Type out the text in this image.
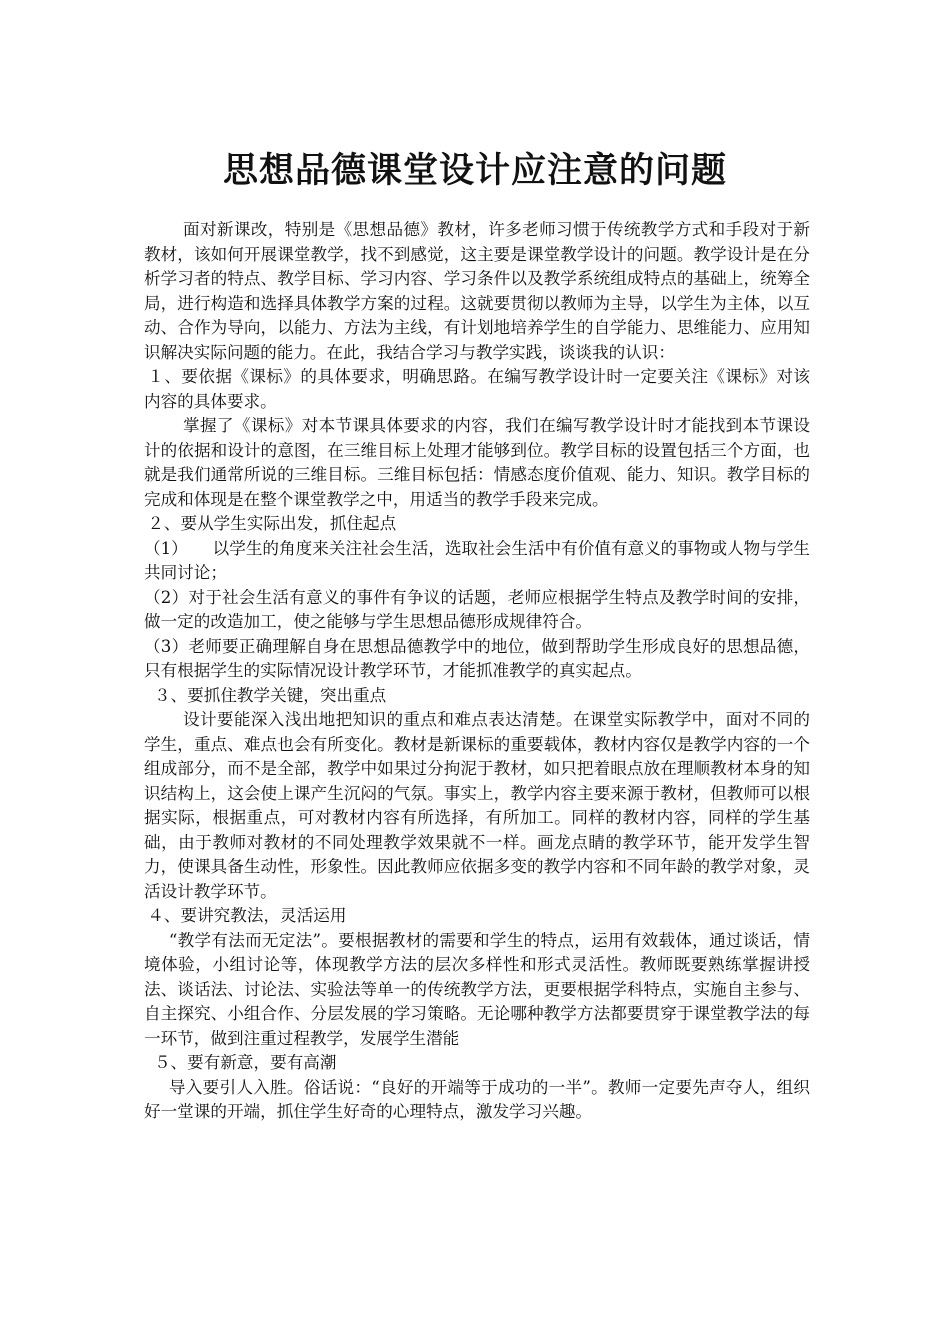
思想品德课堂设计应注意的问题

面对新课改，特别是《思想品德》教材，许多老师习惯于传统教学方式和手段对于新教材，该如何开展课堂教学，找不到感觉，这主要是课堂教学设计的问题。教学设计是在分析学习者的特点、教学目标、学习内容、学习条件以及教学系统组成特点的基础上，统筹全局，进行构造和选择具体教学方案的过程。这就要贯彻以教师为主导，以学生为主体，以互动、合作为导向，以能力、方法为主线，有计划地培养学生的自学能力、思维能力、应用知识解决实际问题的能力。在此，我结合学习与教学实践，谈谈我的认识：

１、要依据《课标》的具体要求，明确思路。在编写教学设计时一定要关注《课标》对该内容的具体要求。

掌握了《课标》对本节课具体要求的内容，我们在编写教学设计时才能找到本节课设计的依据和设计的意图，在三维目标上处理才能够到位。教学目标的设置包括三个方面，也就是我们通常所说的三维目标。三维目标包括：情感态度价值观、能力、知识。教学目标的完成和体现是在整个课堂教学之中，用适当的教学手段来完成。

２、要从学生实际出发，抓住起点

（1）　　以学生的角度来关注社会生活，选取社会生活中有价值有意义的事物或人物与学生共同讨论；

（2）对于社会生活有意义的事件有争议的话题，老师应根据学生特点及教学时间的安排，做一定的改造加工，使之能够与学生思想品德形成规律符合。

（3）老师要正确理解自身在思想品德教学中的地位，做到帮助学生形成良好的思想品德，只有根据学生的实际情况设计教学环节，才能抓准教学的真实起点。

３、要抓住教学关键，突出重点

设计要能深入浅出地把知识的重点和难点表达清楚。在课堂实际教学中，面对不同的学生，重点、难点也会有所变化。教材是新课标的重要载体，教材内容仅是教学内容的一个组成部分，而不是全部，教学中如果过分拘泥于教材，如只把着眼点放在理顺教材本身的知识结构上，这会使上课产生沉闷的气氛。事实上，教学内容主要来源于教材，但教师可以根据实际，根据重点，可对教材内容有所选择，有所加工。同样的教材内容，同样的学生基础，由于教师对教材的不同处理教学效果就不一样。画龙点睛的教学环节，能开发学生智力，使课具备生动性，形象性。因此教师应依据多变的教学内容和不同年龄的教学对象，灵活设计教学环节。

４、要讲究教法，灵活运用

“教学有法而无定法”。要根据教材的需要和学生的特点，运用有效载体，通过谈话，情境体验，小组讨论等，体现教学方法的层次多样性和形式灵活性。教师既要熟练掌握讲授法、谈话法、讨论法、实验法等单一的传统教学方法，更要根据学科特点，实施自主参与、自主探究、小组合作、分层发展的学习策略。无论哪种教学方法都要贯穿于课堂教学法的每一环节，做到注重过程教学，发展学生潜能

５、要有新意，要有高潮

导入要引人入胜。俗话说：“良好的开端等于成功的一半”。教师一定要先声夺人，组织好一堂课的开端，抓住学生好奇的心理特点，激发学习兴趣。
